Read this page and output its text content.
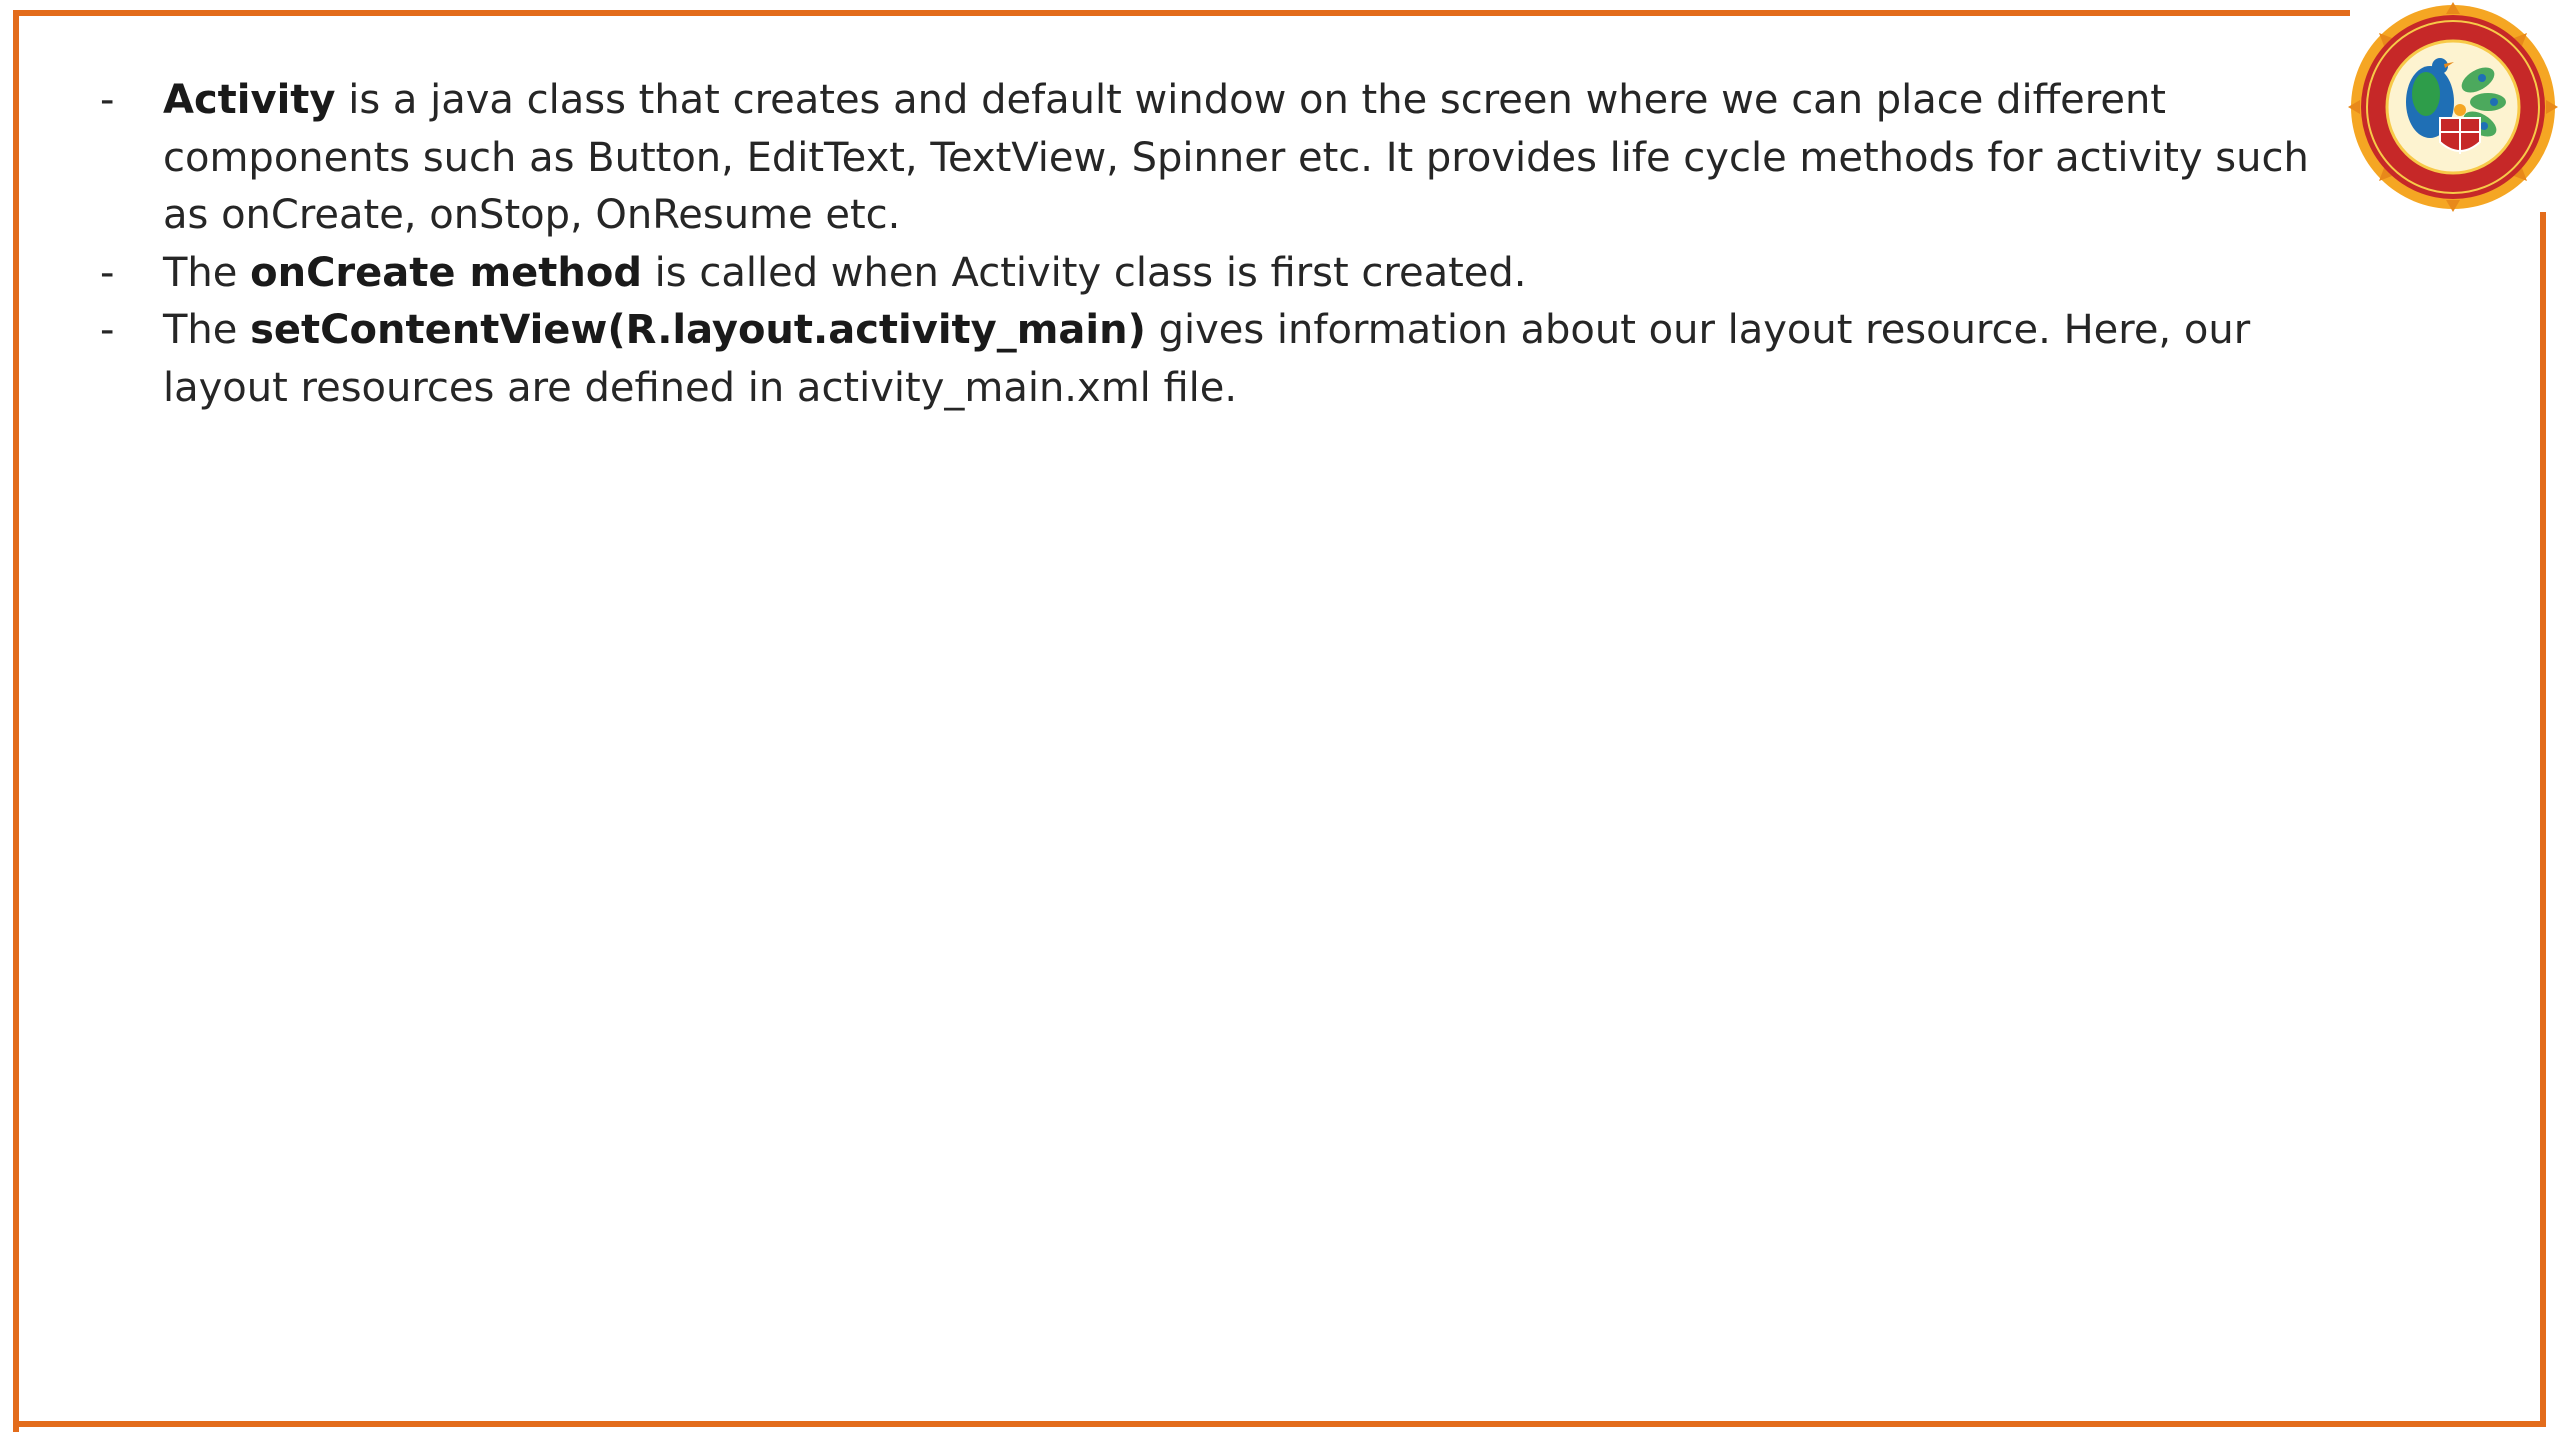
- Activity is a java class that creates and default window on the screen where we can place different components such as Button, EditText, TextView, Spinner etc. It provides life cycle methods for activity such as onCreate, onStop, OnResume etc.
- The onCreate method is called when Activity class is first created.
- The setContentView(R.layout.activity_main) gives information about our layout resource. Here, our layout resources are defined in activity_main.xml file.
